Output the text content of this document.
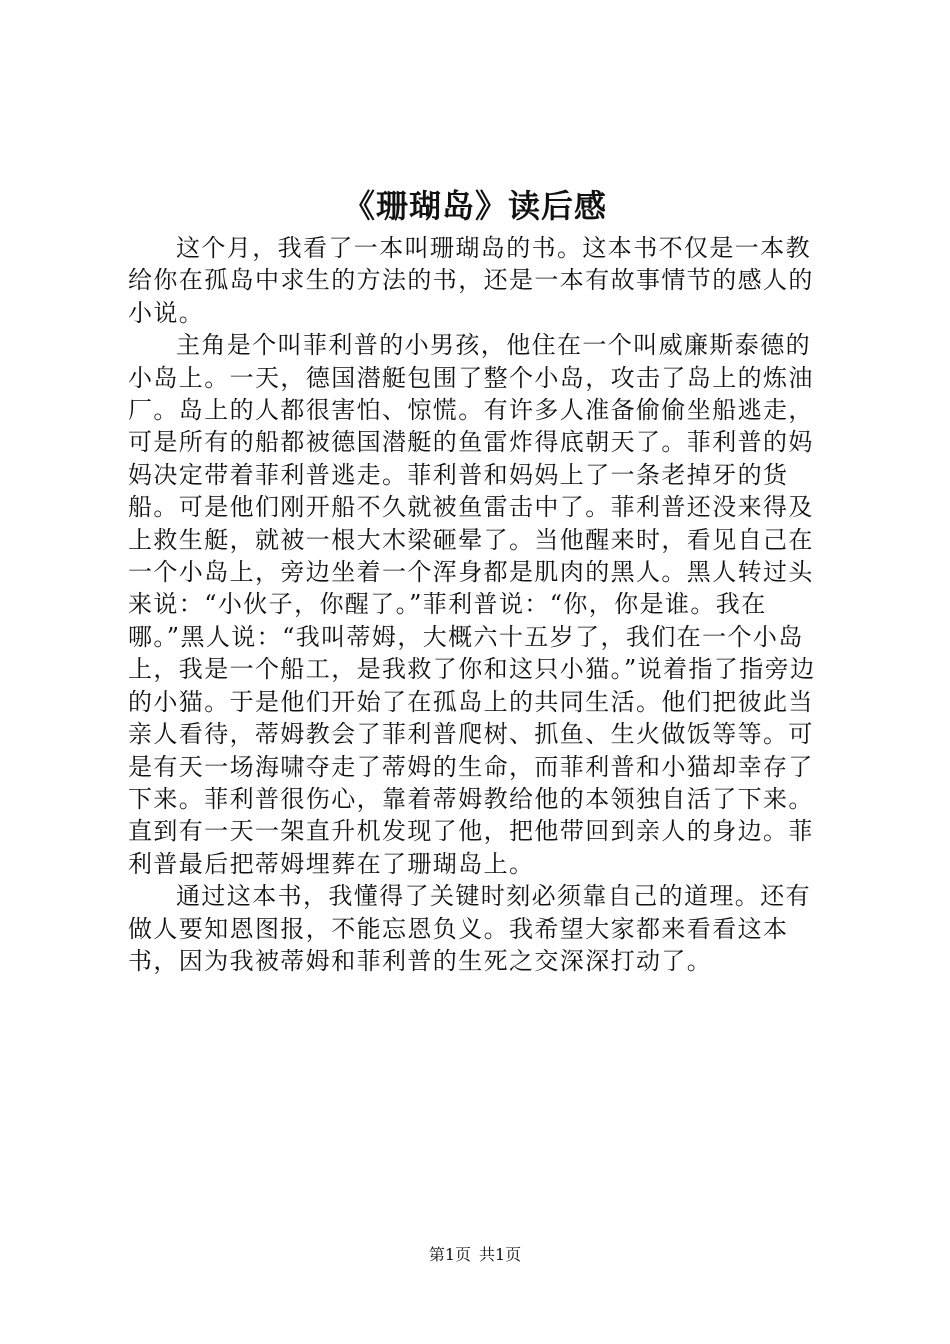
《珊瑚岛》读后感

这个月，我看了一本叫珊瑚岛的书。这本书不仅是一本教给你在孤岛中求生的方法的书，还是一本有故事情节的感人的小说。

主角是个叫菲利普的小男孩，他住在一个叫威廉斯泰德的小岛上。一天，德国潜艇包围了整个小岛，攻击了岛上的炼油厂。岛上的人都很害怕、惊慌。有许多人准备偷偷坐船逃走，可是所有的船都被德国潜艇的鱼雷炸得底朝天了。菲利普的妈妈决定带着菲利普逃走。菲利普和妈妈上了一条老掉牙的货船。可是他们刚开船不久就被鱼雷击中了。菲利普还没来得及上救生艇，就被一根大木梁砸晕了。当他醒来时，看见自己在一个小岛上，旁边坐着一个浑身都是肌肉的黑人。黑人转过头来说：“小伙子，你醒了。”菲利普说：“你，你是谁。我在哪。”黑人说：“我叫蒂姆，大概六十五岁了，我们在一个小岛上，我是一个船工，是我救了你和这只小猫。”说着指了指旁边的小猫。于是他们开始了在孤岛上的共同生活。他们把彼此当亲人看待，蒂姆教会了菲利普爬树、抓鱼、生火做饭等等。可是有天一场海啸夺走了蒂姆的生命，而菲利普和小猫却幸存了下来。菲利普很伤心，靠着蒂姆教给他的本领独自活了下来。直到有一天一架直升机发现了他，把他带回到亲人的身边。菲利普最后把蒂姆埋葬在了珊瑚岛上。

通过这本书，我懂得了关键时刻必须靠自己的道理。还有做人要知恩图报，不能忘恩负义。我希望大家都来看看这本书，因为我被蒂姆和菲利普的生死之交深深打动了。

第1页 共1页
